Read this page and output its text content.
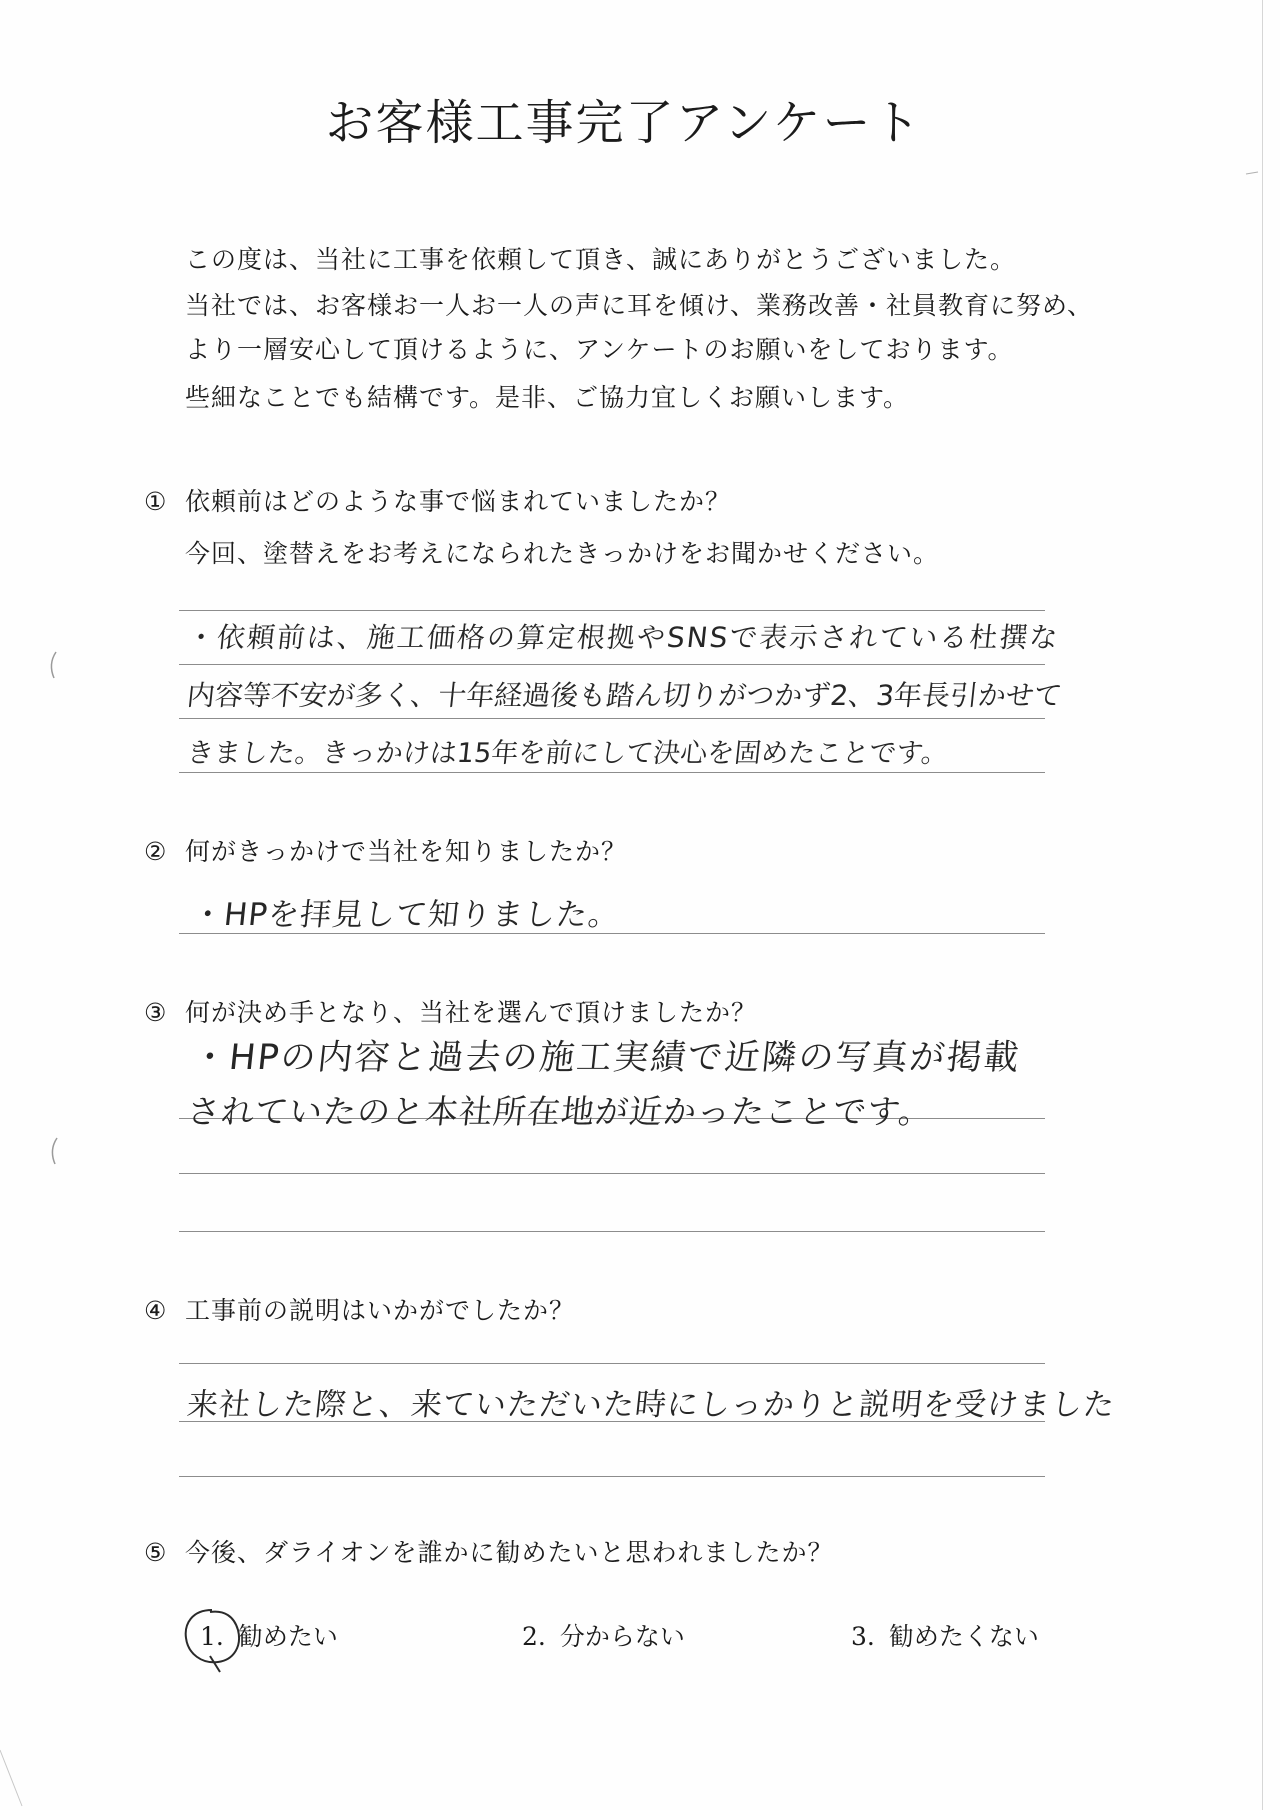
お客様工事完了アンケート
この度は、当社に工事を依頼して頂き、誠にありがとうございました。
当社では、お客様お一人お一人の声に耳を傾け、業務改善・社員教育に努め、
より一層安心して頂けるように、アンケートのお願いをしております。
些細なことでも結構です。是非、ご協力宜しくお願いします。
① 依頼前はどのような事で悩まれていましたか？
今回、塗替えをお考えになられたきっかけをお聞かせください。
・依頼前は、施工価格の算定根拠やSNSで表示されている杜撰な
内容等不安が多く、十年経過後も踏ん切りがつかず2、3年長引かせて
きました。きっかけは15年を前にして決心を固めたことです。
② 何がきっかけで当社を知りましたか？
・HPを拝見して知りました。
③ 何が決め手となり、当社を選んで頂けましたか？
・HPの内容と過去の施工実績で近隣の写真が掲載
されていたのと本社所在地が近かったことです。
④ 工事前の説明はいかがでしたか？
来社した際と、来ていただいた時にしっかりと説明を受けました
⑤ 今後、ダライオンを誰かに勧めたいと思われましたか？
1. 勧めたい	2. 分からない	3. 勧めたくない
